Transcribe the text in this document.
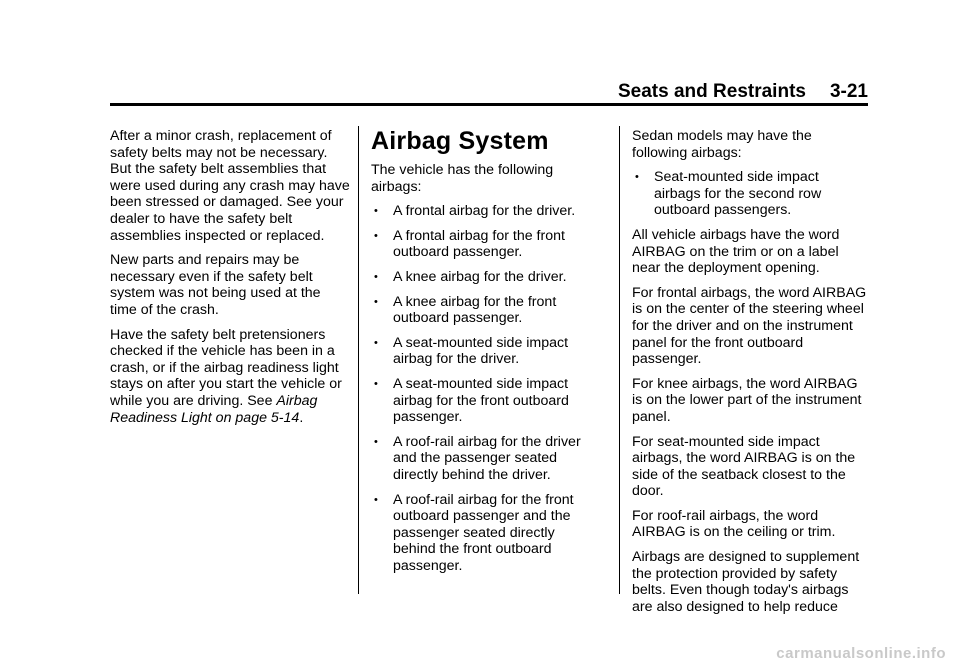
Seats and Restraints 3-21

After a minor crash, replacement of safety belts may not be necessary. But the safety belt assemblies that were used during any crash may have been stressed or damaged. See your dealer to have the safety belt assemblies inspected or replaced.

New parts and repairs may be necessary even if the safety belt system was not being used at the time of the crash.

Have the safety belt pretensioners checked if the vehicle has been in a crash, or if the airbag readiness light stays on after you start the vehicle or while you are driving. See Airbag Readiness Light on page 5-14.

Airbag System

The vehicle has the following airbags:

• A frontal airbag for the driver.
• A frontal airbag for the front outboard passenger.
• A knee airbag for the driver.
• A knee airbag for the front outboard passenger.
• A seat-mounted side impact airbag for the driver.
• A seat-mounted side impact airbag for the front outboard passenger.
• A roof-rail airbag for the driver and the passenger seated directly behind the driver.
• A roof-rail airbag for the front outboard passenger and the passenger seated directly behind the front outboard passenger.

Sedan models may have the following airbags:

• Seat-mounted side impact airbags for the second row outboard passengers.

All vehicle airbags have the word AIRBAG on the trim or on a label near the deployment opening.

For frontal airbags, the word AIRBAG is on the center of the steering wheel for the driver and on the instrument panel for the front outboard passenger.

For knee airbags, the word AIRBAG is on the lower part of the instrument panel.

For seat-mounted side impact airbags, the word AIRBAG is on the side of the seatback closest to the door.

For roof-rail airbags, the word AIRBAG is on the ceiling or trim.

Airbags are designed to supplement the protection provided by safety belts. Even though today's airbags are also designed to help reduce

carmanualsonline.info
